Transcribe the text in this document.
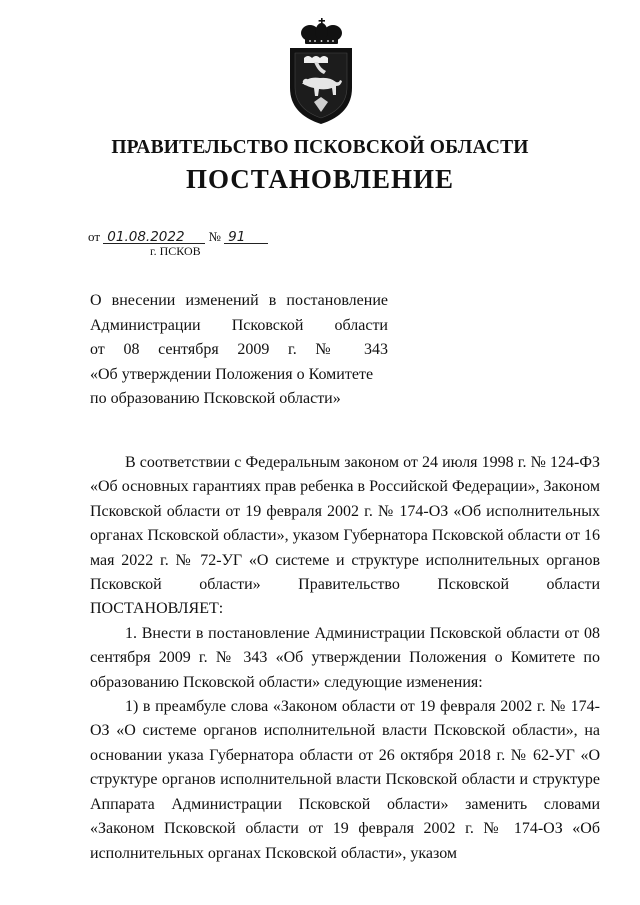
ПРАВИТЕЛЬСТВО ПСКОВСКОЙ ОБЛАСТИ
ПОСТАНОВЛЕНИЕ
от 01.08.2022 № 91
г. ПСКОВ
О внесении изменений в постановление
Администрации Псковской области
от 08 сентября 2009 г. № 343
«Об утверждении Положения о Комитете
по образованию Псковской области»

В соответствии с Федеральным законом от 24 июля 1998 г. № 124-ФЗ «Об основных гарантиях прав ребенка в Российской Федерации», Законом Псковской области от 19 февраля 2002 г. № 174-ОЗ «Об исполнительных органах Псковской области», указом Губернатора Псковской области от 16 мая 2022 г. № 72-УГ «О системе и структуре исполнительных органов Псковской области» Правительство Псковской области ПОСТАНОВЛЯЕТ:

1. Внести в постановление Администрации Псковской области от 08 сентября 2009 г. № 343 «Об утверждении Положения о Комитете по образованию Псковской области» следующие изменения:

1) в преамбуле слова «Законом области от 19 февраля 2002 г. № 174-ОЗ «О системе органов исполнительной власти Псковской области», на основании указа Губернатора области от 26 октября 2018 г. № 62-УГ «О структуре органов исполнительной власти Псковской области и структуре Аппарата Администрации Псковской области» заменить словами «Законом Псковской области от 19 февраля 2002 г. № 174-ОЗ «Об исполнительных органах Псковской области», указом
